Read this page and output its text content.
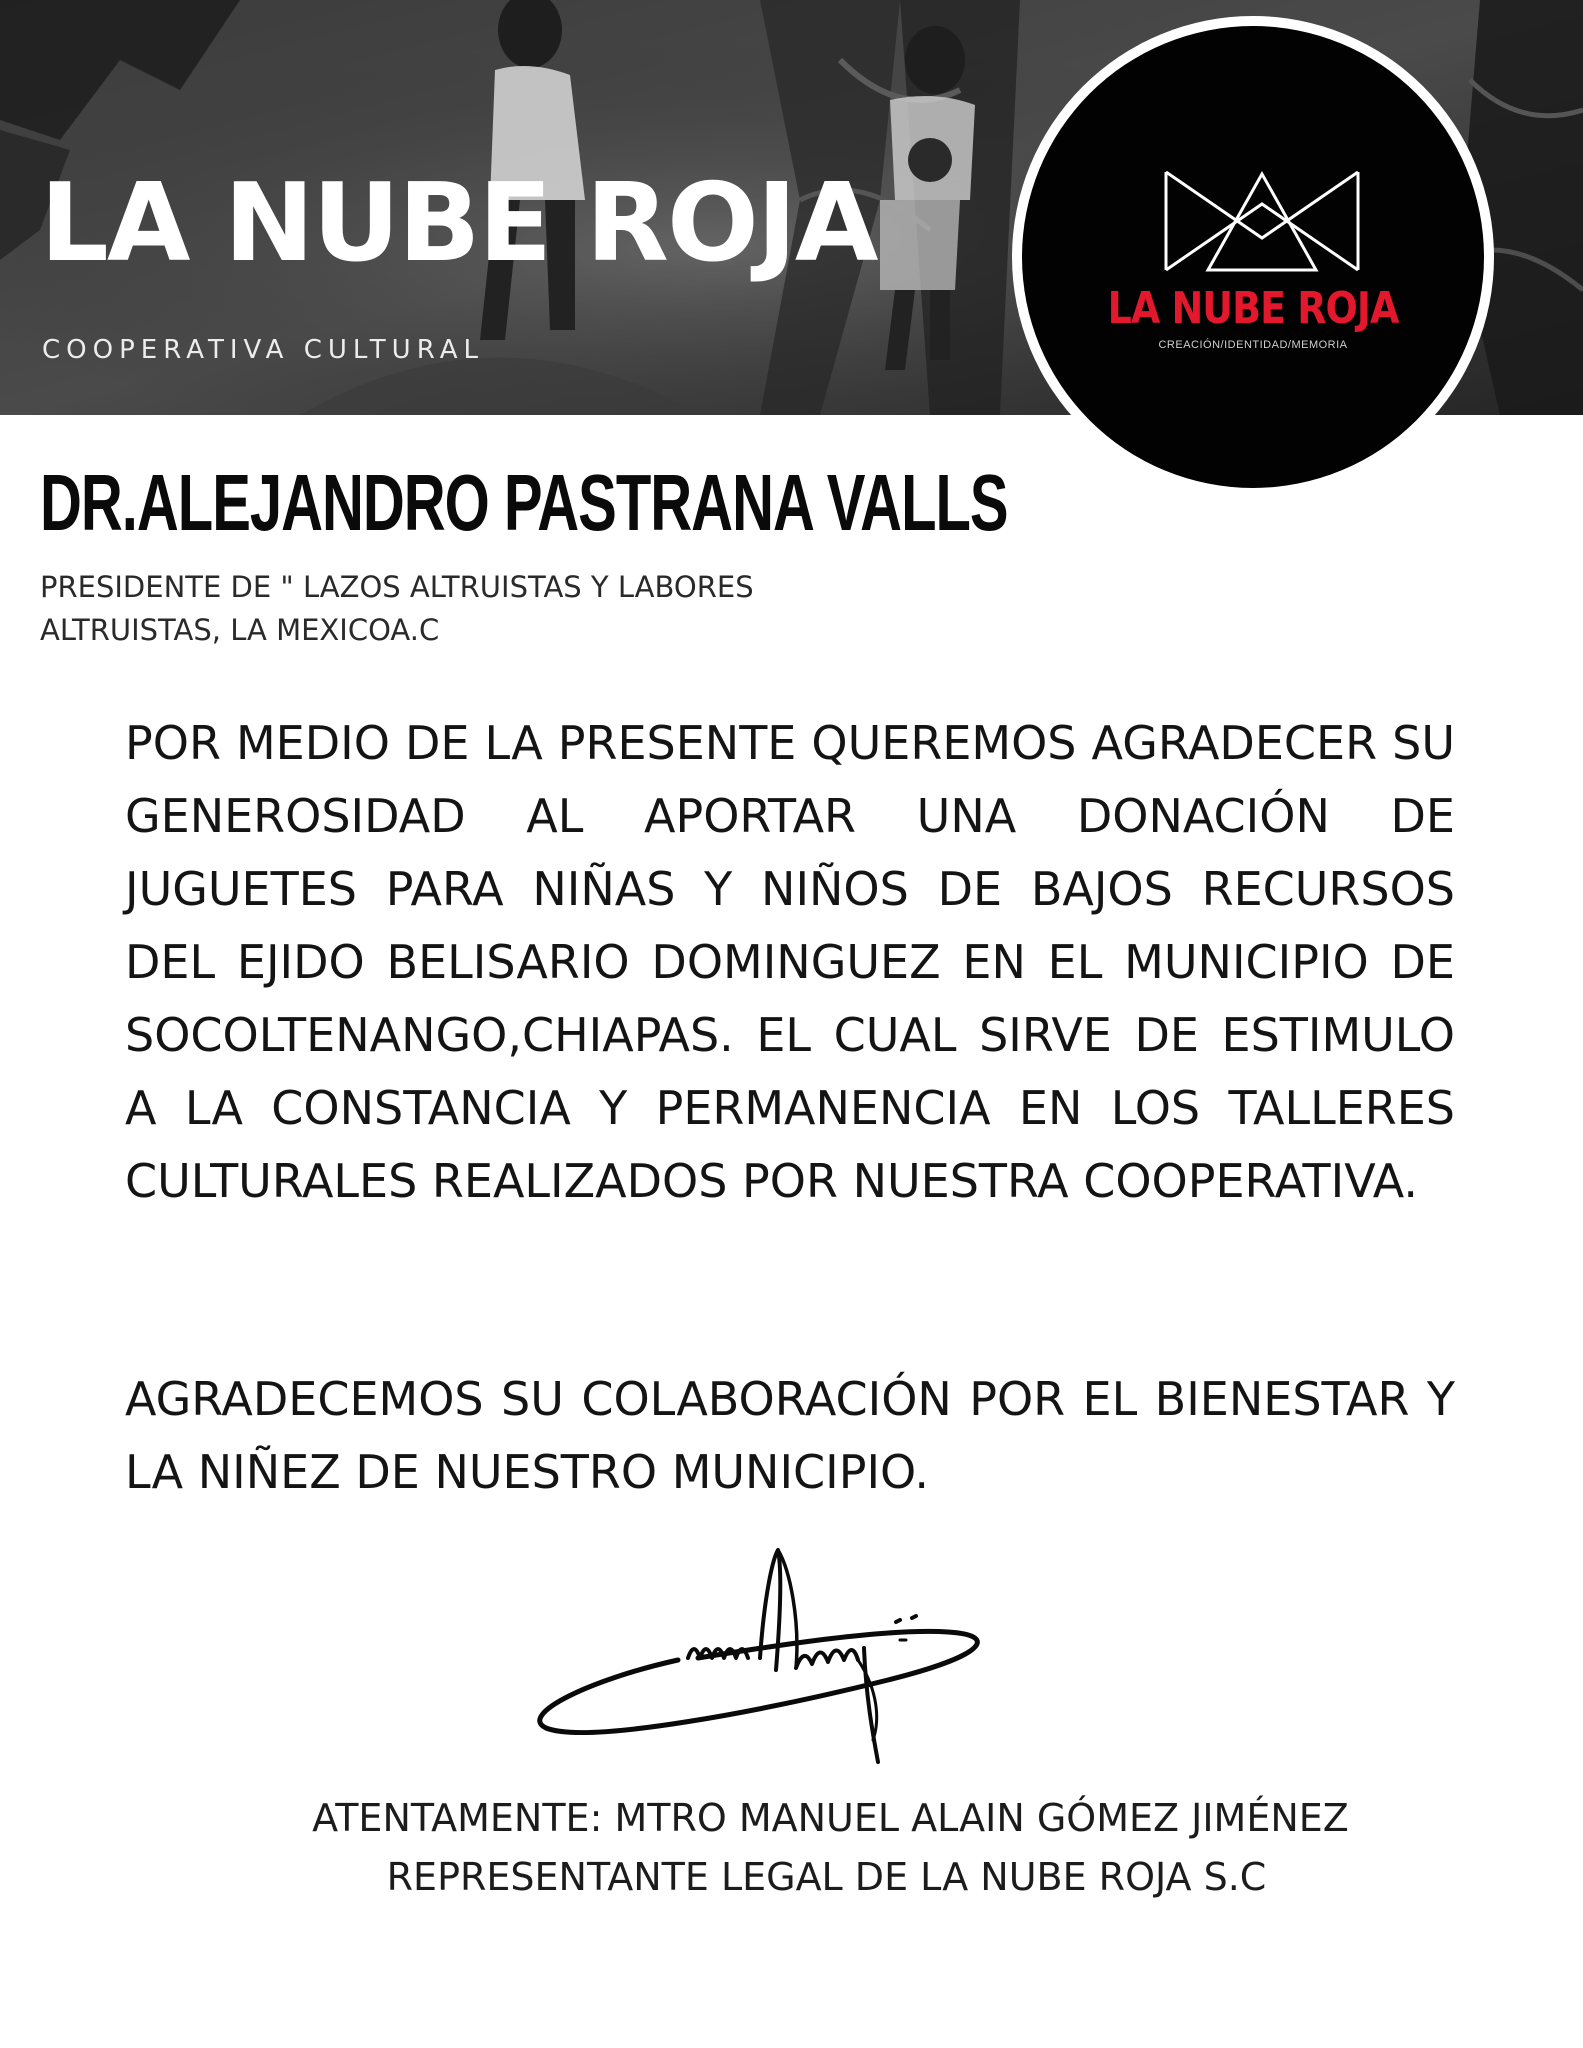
LA NUBE ROJA
COOPERATIVA CULTURAL
LA NUBE ROJA
CREACIÓN/IDENTIDAD/MEMORIA
DR.ALEJANDRO PASTRANA VALLS
PRESIDENTE DE " LAZOS ALTRUISTAS Y LABORES ALTRUISTAS, LA MEXICOA.C

POR MEDIO DE LA PRESENTE QUEREMOS AGRADECER SU GENEROSIDAD AL APORTAR UNA DONACIÓN DE JUGUETES PARA NIÑAS Y NIÑOS DE BAJOS RECURSOS DEL EJIDO BELISARIO DOMINGUEZ EN EL MUNICIPIO DE SOCOLTENANGO,CHIAPAS. EL CUAL SIRVE DE ESTIMULO A LA CONSTANCIA Y PERMANENCIA EN LOS TALLERES CULTURALES REALIZADOS POR NUESTRA COOPERATIVA.

AGRADECEMOS SU COLABORACIÓN POR EL BIENESTAR Y LA NIÑEZ DE NUESTRO MUNICIPIO.

ATENTAMENTE: MTRO MANUEL ALAIN GÓMEZ JIMÉNEZ
REPRESENTANTE LEGAL DE LA NUBE ROJA S.C
